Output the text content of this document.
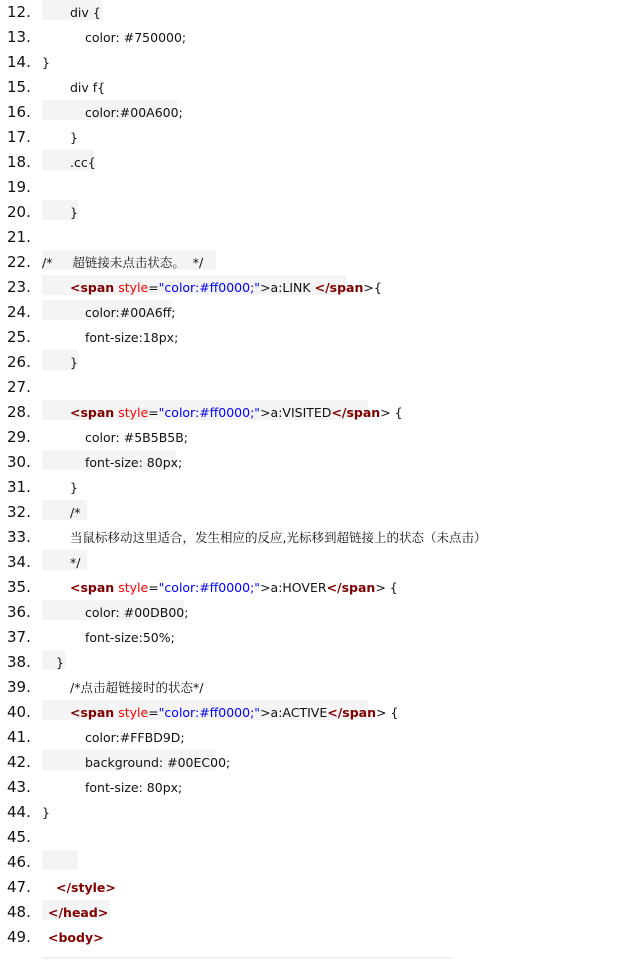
12.	div {
13.	color: #750000;
14. }
15.	div f{
16.	color:#00A600;
17.	}
18.	.cc{
19.
20.	}
21.
22. /*     超链接未点击状态。  */
23.	<span style="color:#ff0000;">a:LINK </span>{
24.	color:#00A6ff;
25.	font-size:18px;
26.	}
27.
28.	<span style="color:#ff0000;">a:VISITED</span> {
29.	color: #5B5B5B;
30.	font-size: 80px;
31.	}
32.	/*
33.	当鼠标移动这里适合，发生相应的反应,光标移到超链接上的状态（未点击）
34.	*/
35.	<span style="color:#ff0000;">a:HOVER</span> {
36.	color: #00DB00;
37.	font-size:50%;
38. }
39.	/*点击超链接时的状态*/
40.	<span style="color:#ff0000;">a:ACTIVE</span> {
41.	color:#FFBD9D;
42.	background: #00EC00;
43.	font-size: 80px;
44. }
45.
46.
47. </style>
48. </head>
49. <body>
